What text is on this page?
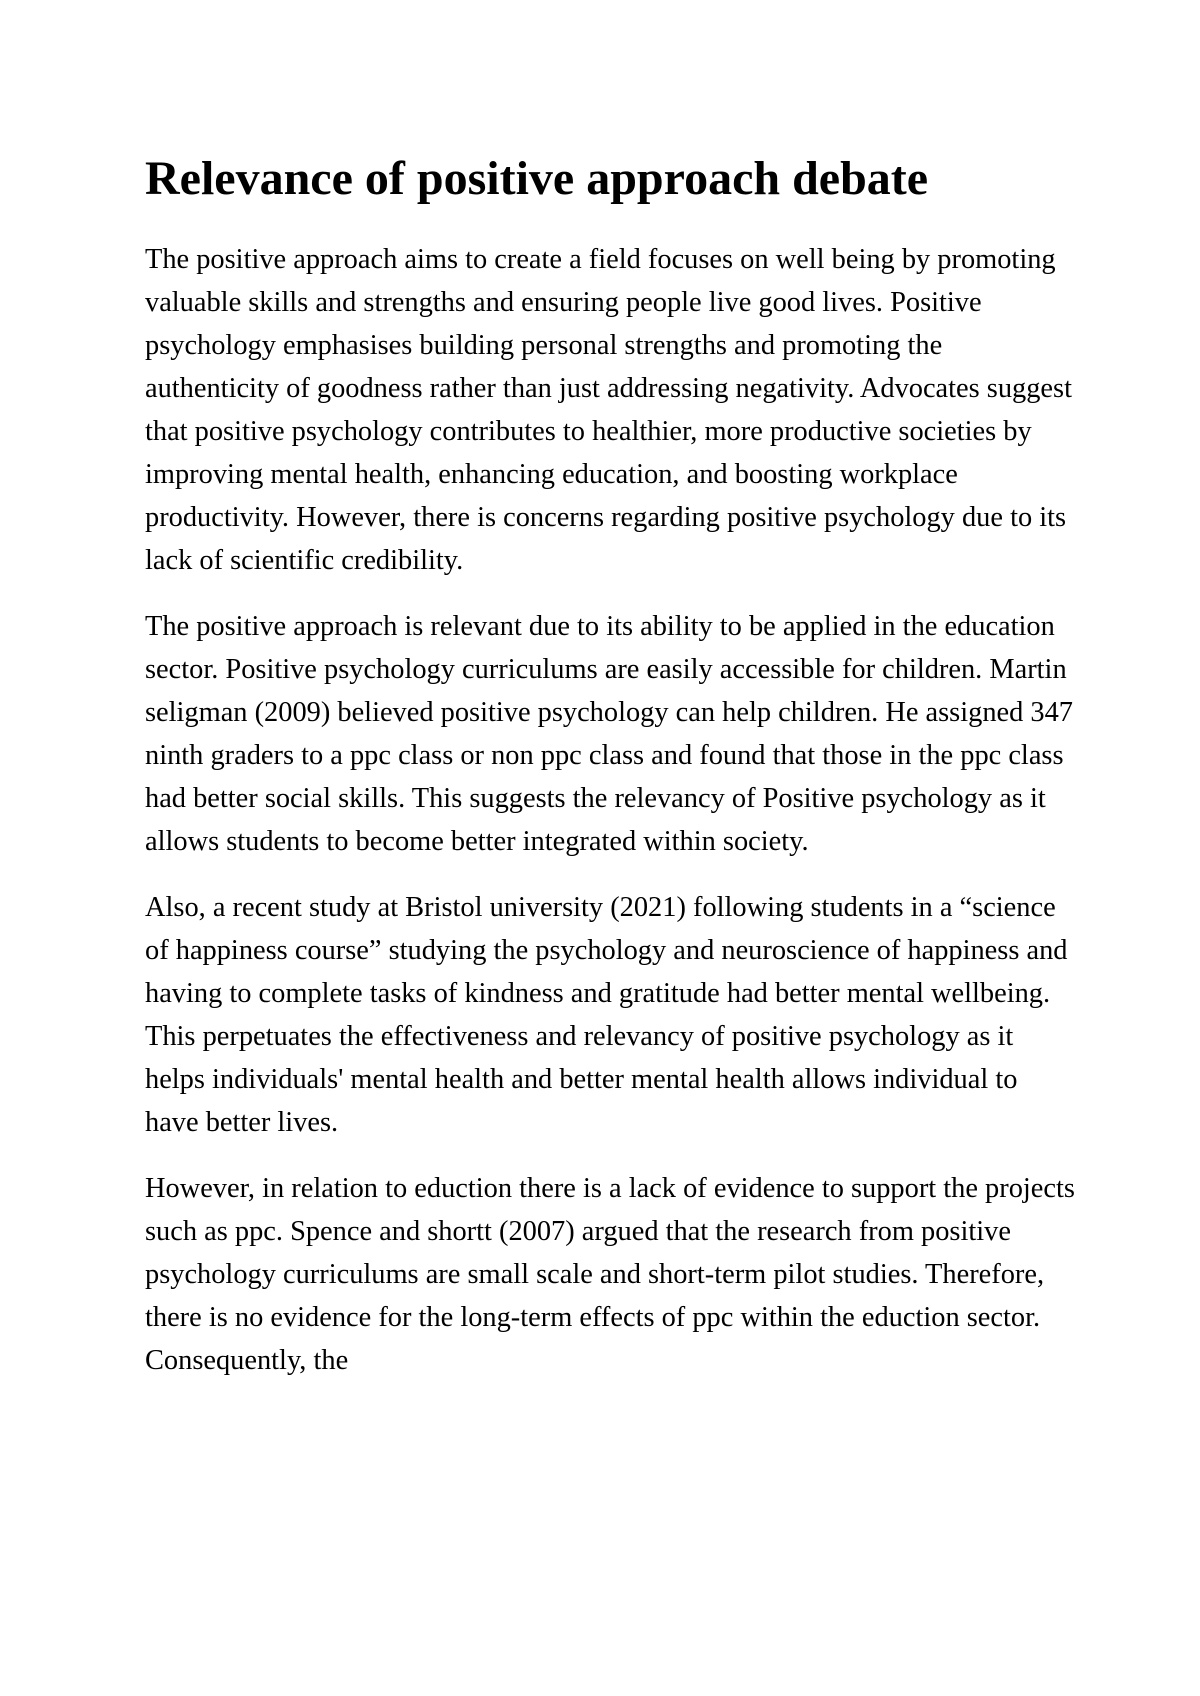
Relevance of positive approach debate

The positive approach aims to create a field focuses on well being by promoting valuable skills and strengths and ensuring people live good lives. Positive psychology emphasises building personal strengths and promoting the authenticity of goodness rather than just addressing negativity. Advocates suggest that positive psychology contributes to healthier, more productive societies by improving mental health, enhancing education, and boosting workplace productivity. However, there is concerns regarding positive psychology due to its lack of scientific credibility.

The positive approach is relevant due to its ability to be applied in the education sector. Positive psychology curriculums are easily accessible for children. Martin seligman (2009) believed positive psychology can help children. He assigned 347 ninth graders to a ppc class or non ppc class and found that those in the ppc class had better social skills. This suggests the relevancy of Positive psychology as it allows students to become better integrated within society.

Also, a recent study at Bristol university (2021) following students in a “science of happiness course” studying the psychology and neuroscience of happiness and having to complete tasks of kindness and gratitude had better mental wellbeing. This perpetuates the effectiveness and relevancy of positive psychology as it helps individuals' mental health and better mental health allows individual to have better lives.

However, in relation to eduction there is a lack of evidence to support the projects such as ppc. Spence and shortt (2007) argued that the research from positive psychology curriculums are small scale and short-term pilot studies. Therefore, there is no evidence for the long-term effects of ppc within the eduction sector. Consequently, the
